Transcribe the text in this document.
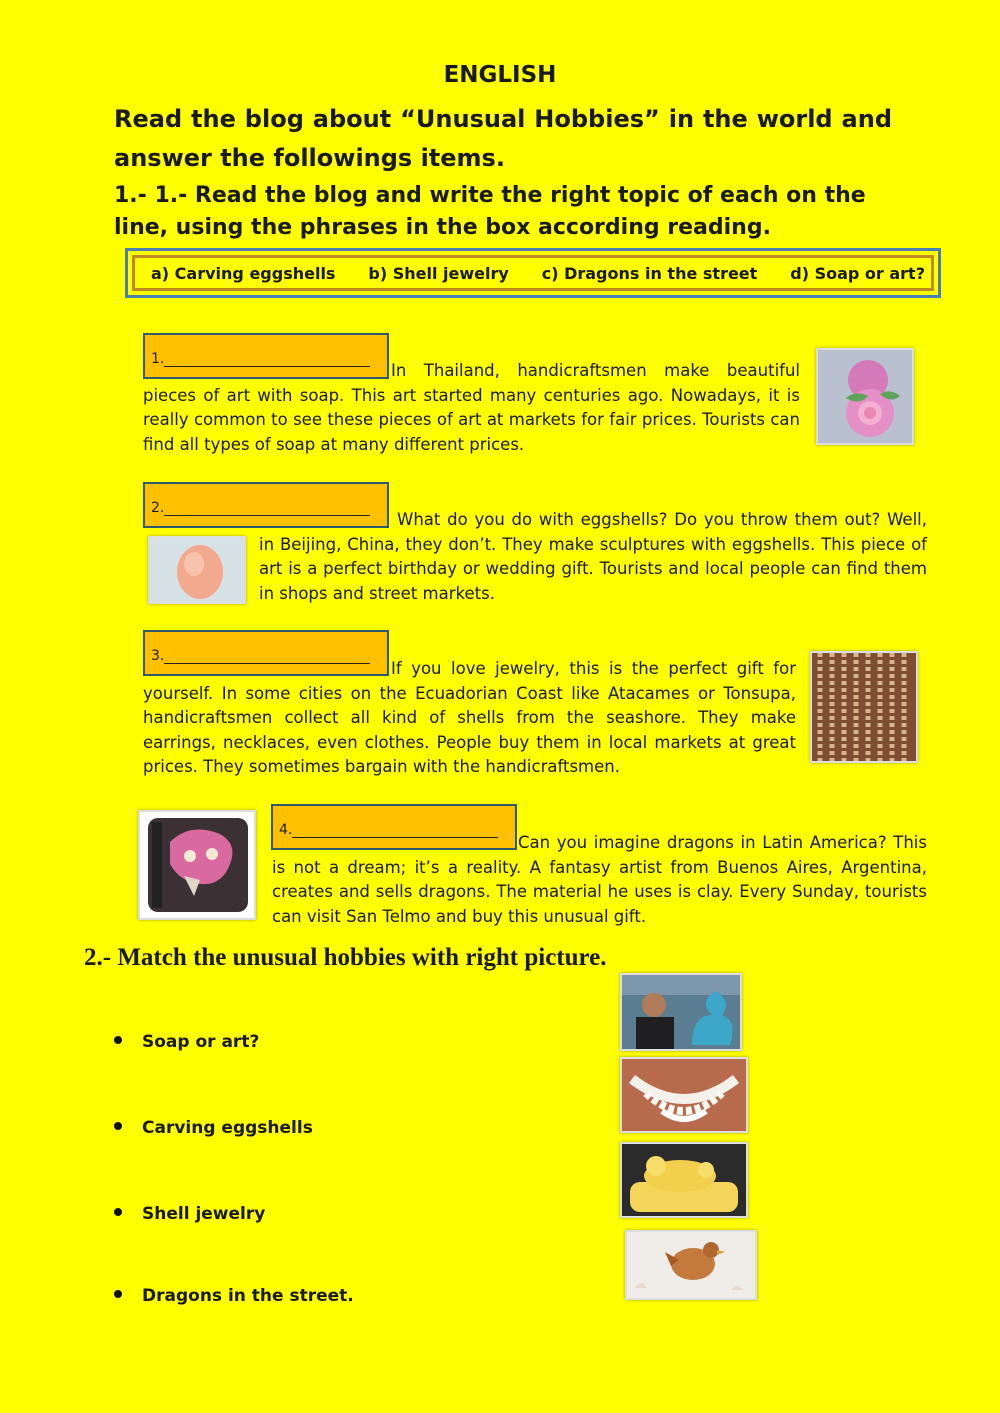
ENGLISH
Read the blog about “Unusual Hobbies” in the world and answer the followings items.
1.- 1.- Read the blog and write the right topic of each on the line, using the phrases in the box according reading.
a) Carving eggshells b) Shell jewelry c) Dragons in the street d) Soap or art?
1.
In Thailand, handicraftsmen make beautiful pieces of art with soap. This art started many centuries ago. Nowadays, it is really common to see these pieces of art at markets for fair prices. Tourists can find all types of soap at many different prices.
2.
What do you do with eggshells? Do you throw them out? Well, in Beijing, China, they don’t. They make sculptures with eggshells. This piece of art is a perfect birthday or wedding gift. Tourists and local people can find them in shops and street markets.
3.
If you love jewelry, this is the perfect gift for yourself. In some cities on the Ecuadorian Coast like Atacames or Tonsupa, handicraftsmen collect all kind of shells from the seashore. They make earrings, necklaces, even clothes. People buy them in local markets at great prices. They sometimes bargain with the handicraftsmen.
4.
Can you imagine dragons in Latin America? This is not a dream; it’s a reality. A fantasy artist from Buenos Aires, Argentina, creates and sells dragons. The material he uses is clay. Every Sunday, tourists can visit San Telmo and buy this unusual gift.
2.- Match the unusual hobbies with right picture.
Soap or art?
Carving eggshells
Shell jewelry
Dragons in the street.
